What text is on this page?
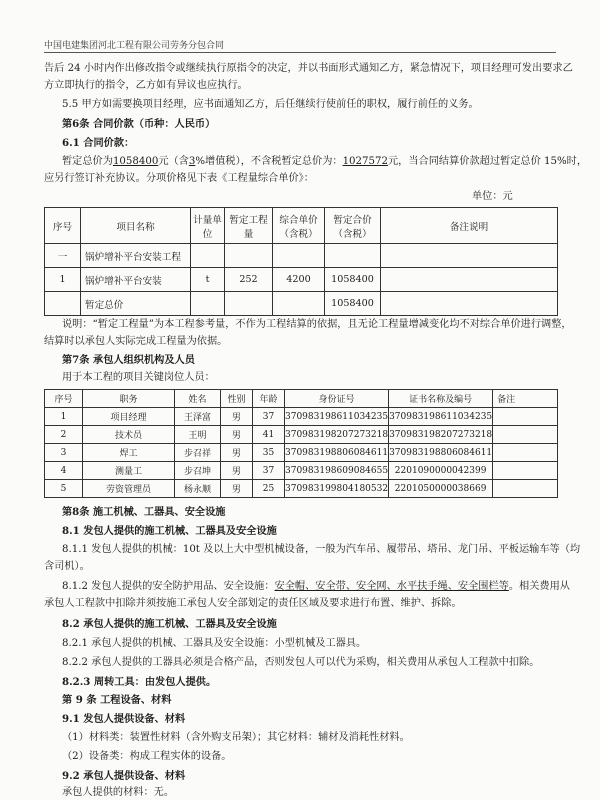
中国电建集团河北工程有限公司劳务分包合同
告后 24 小时内作出修改指令或继续执行原指令的决定，并以书面形式通知乙方，紧急情况下，项目经理可发出要求乙
方立即执行的指令，乙方如有异议也应执行。
5.5 甲方如需要换项目经理，应书面通知乙方，后任继续行使前任的职权，履行前任的义务。
第6条 合同价款（币种：人民币）
6.1 合同价款：
暂定总价为1058400元（含3%增值税），不含税暂定总价为：1027572元，当合同结算价款超过暂定总价 15%时，
应另行签订补充协议。分项价格见下表《工程量综合单价》：
单位：元
序号	项目名称	计量单位	暂定工程量	综合单价（含税）	暂定合价（含税）	备注说明
一	锅炉增补平台安装工程					
1	锅炉增补平台安装	t	252	4200	1058400	
	暂定总价				1058400	
说明：“暂定工程量”为本工程参考量，不作为工程结算的依据，且无论工程量增减变化均不对综合单价进行调整，
结算时以承包人实际完成工程量为依据。
第7条 承包人组织机构及人员
用于本工程的项目关键岗位人员：
序号	职务	姓名	性别	年龄	身份证号	证书名称及编号	备注
1	项目经理	王泽富	男	37	370983198611034235	370983198611034235	
2	技术员	王明	男	41	370983198207273218	370983198207273218	
3	焊工	步召祥	男	35	370983198806084611	370983198806084611	
4	测量工	步召坤	男	37	370983198609084655	2201090000042399	
5	劳资管理员	杨永顺	男	25	370983199804180532	2201050000038669	
第8条 施工机械、工器具、安全设施
8.1 发包人提供的施工机械、工器具及安全设施
8.1.1 发包人提供的机械：10t 及以上大中型机械设备，一般为汽车吊、履带吊、塔吊、龙门吊、平板运输车等（均
含司机）。
8.1.2 发包人提供的安全防护用品、安全设施：安全帽、安全带、安全网、水平扶手绳、安全围栏等。相关费用从
承包人工程款中扣除并须按施工承包人安全部划定的责任区域及要求进行布置、维护、拆除。
8.2 承包人提供的施工机械、工器具及安全设施
8.2.1 承包人提供的机械、工器具及安全设施：小型机械及工器具。
8.2.2 承包人提供的工器具必须是合格产品，否则发包人可以代为采购，相关费用从承包人工程款中扣除。
8.2.3 周转工具：由发包人提供。
第 9 条 工程设备、材料
9.1 发包人提供设备、材料
（1）材料类：装置性材料（含外购支吊架）；其它材料：辅材及消耗性材料。
（2）设备类：构成工程实体的设备。
9.2 承包人提供设备、材料
承包人提供的材料：无。
